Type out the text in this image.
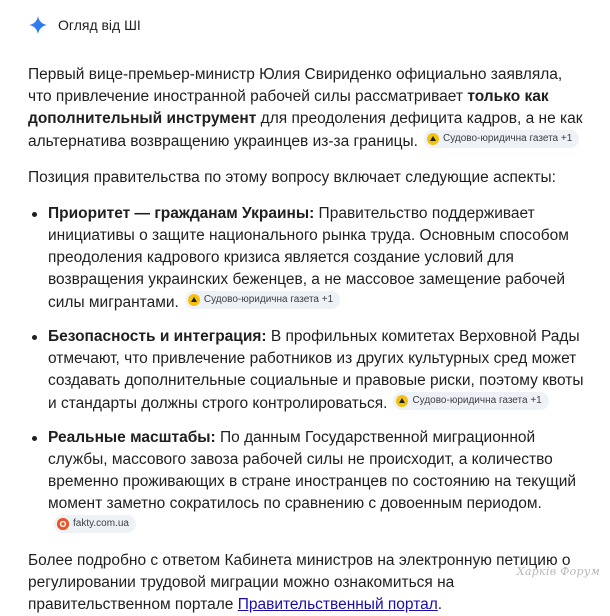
Огляд від ШІ

Первый вице-премьер-министр Юлия Свириденко официально заявляла, что привлечение иностранной рабочей силы рассматривает только как дополнительный инструмент для преодоления дефицита кадров, а не как альтернатива возвращению украинцев из-за границы.	Судово-юридична газета +1

Позиция правительства по этому вопросу включает следующие аспекты:

Приоритет — гражданам Украины: Правительство поддерживает инициативы о защите национального рынка труда. Основным способом преодоления кадрового кризиса является создание условий для возвращения украинских беженцев, а не массовое замещение рабочей силы мигрантами.	Судово-юридична газета +1
Безопасность и интеграция: В профильных комитетах Верховной Рады отмечают, что привлечение работников из других культурных сред может создавать дополнительные социальные и правовые риски, поэтому квоты и стандарты должны строго контролироваться.	Судово-юридична газета +1
Реальные масштабы: По данным Государственной миграционной службы, массового завоза рабочей силы не происходит, а количество временно проживающих в стране иностранцев по состоянию на текущий момент заметно сократилось по сравнению с довоенным периодом.
fakty.com.ua

Более подробно с ответом Кабинета министров на электронную петицию о регулировании трудовой миграции можно ознакомиться на правительственном портале Правительственный портал.

Харків Форум
